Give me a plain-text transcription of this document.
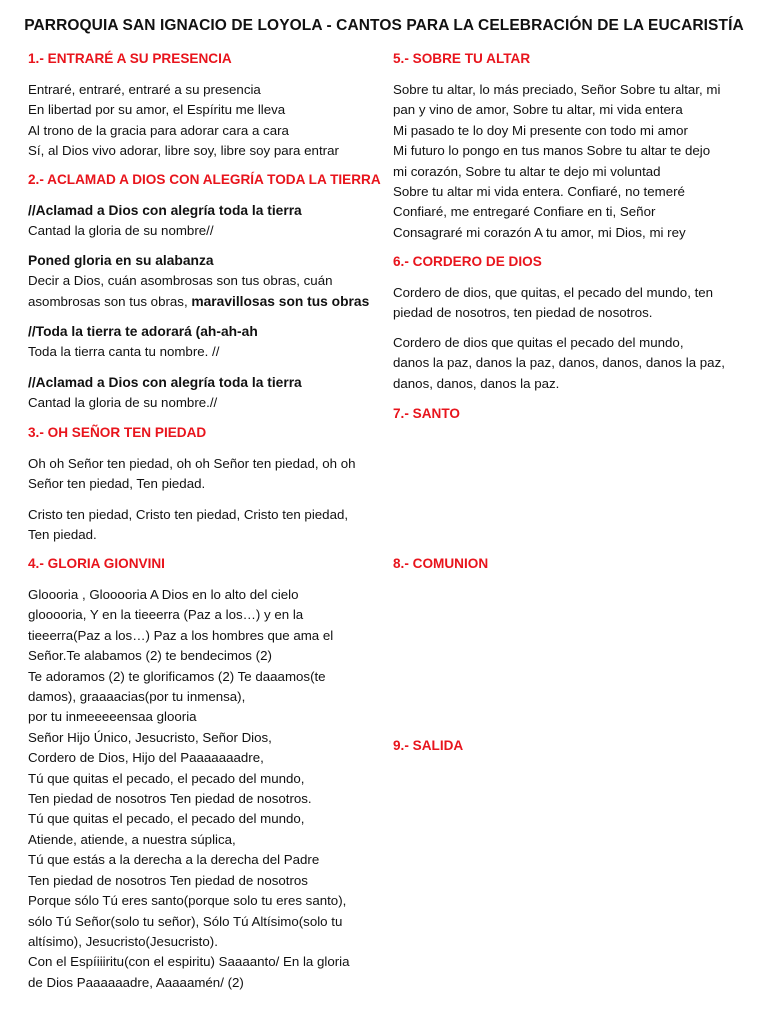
PARROQUIA SAN IGNACIO DE LOYOLA - CANTOS PARA LA CELEBRACIÓN DE LA EUCARISTÍA
1.- ENTRARÉ A SU PRESENCIA
Entraré, entraré, entraré a su presencia
En libertad por su amor, el Espíritu me lleva
Al trono de la gracia para adorar cara a cara
Sí, al Dios vivo adorar, libre soy, libre soy para entrar
2.- ACLAMAD A DIOS CON ALEGRÍA TODA LA TIERRA
//Aclamad a Dios con alegría toda la tierra
Cantad la gloria de su nombre//
Poned gloria en su alabanza
Decir a Dios, cuán asombrosas son tus obras, cuán
asombrosas son tus obras, maravillosas son tus obras
//Toda la tierra te adorará (ah-ah-ah
Toda la tierra canta tu nombre. //
//Aclamad a Dios con alegría toda la tierra
Cantad la gloria de su nombre.//
3.- OH SEÑOR TEN PIEDAD
Oh oh Señor ten piedad, oh oh Señor ten piedad, oh oh
Señor ten piedad, Ten piedad.
Cristo ten piedad, Cristo ten piedad, Cristo ten piedad,
Ten piedad.
4.- GLORIA GIONVINI
Gloooria , Glooooria A Dios en lo alto del cielo
glooooria, Y en la tieeerra (Paz a los…) y en la
tieeerra(Paz a los…) Paz a los hombres que ama el
Señor.Te alabamos (2) te bendecimos (2)
Te adoramos (2) te glorificamos (2) Te daaamos(te
damos), graaaacias(por tu inmensa),
por tu inmeeeeensaa glooria
Señor Hijo Único, Jesucristo, Señor Dios,
Cordero de Dios, Hijo del Paaaaaaadre,
Tú que quitas el pecado, el pecado del mundo,
Ten piedad de nosotros Ten piedad de nosotros.
Tú que quitas el pecado, el pecado del mundo,
Atiende, atiende, a nuestra súplica,
Tú que estás a la derecha a la derecha del Padre
Ten piedad de nosotros Ten piedad de nosotros
Porque sólo Tú eres santo(porque solo tu eres santo),
sólo Tú Señor(solo tu señor), Sólo Tú Altísimo(solo tu
altísimo), Jesucristo(Jesucristo).
Con el Espíiiiritu(con el espiritu) Saaaanto/ En la gloria
de Dios Paaaaaadre, Aaaaamén/ (2)
5.- SOBRE TU ALTAR
Sobre tu altar, lo más preciado, Señor Sobre tu altar, mi
pan y vino de amor, Sobre tu altar, mi vida entera
Mi pasado te lo doy Mi presente con todo mi amor
Mi futuro lo pongo en tus manos Sobre tu altar te dejo
mi corazón, Sobre tu altar te dejo mi voluntad
Sobre tu altar mi vida entera. Confiaré, no temeré
Confiaré, me entregaré Confiare en ti, Señor
Consagraré mi corazón A tu amor, mi Dios, mi rey
6.- CORDERO DE DIOS
Cordero de dios, que quitas, el pecado del mundo, ten
piedad de nosotros, ten piedad de nosotros.
Cordero de dios que quitas el pecado del mundo,
danos la paz, danos la paz, danos, danos, danos la paz,
danos, danos, danos la paz.
7.- SANTO
8.- COMUNION
9.- SALIDA
